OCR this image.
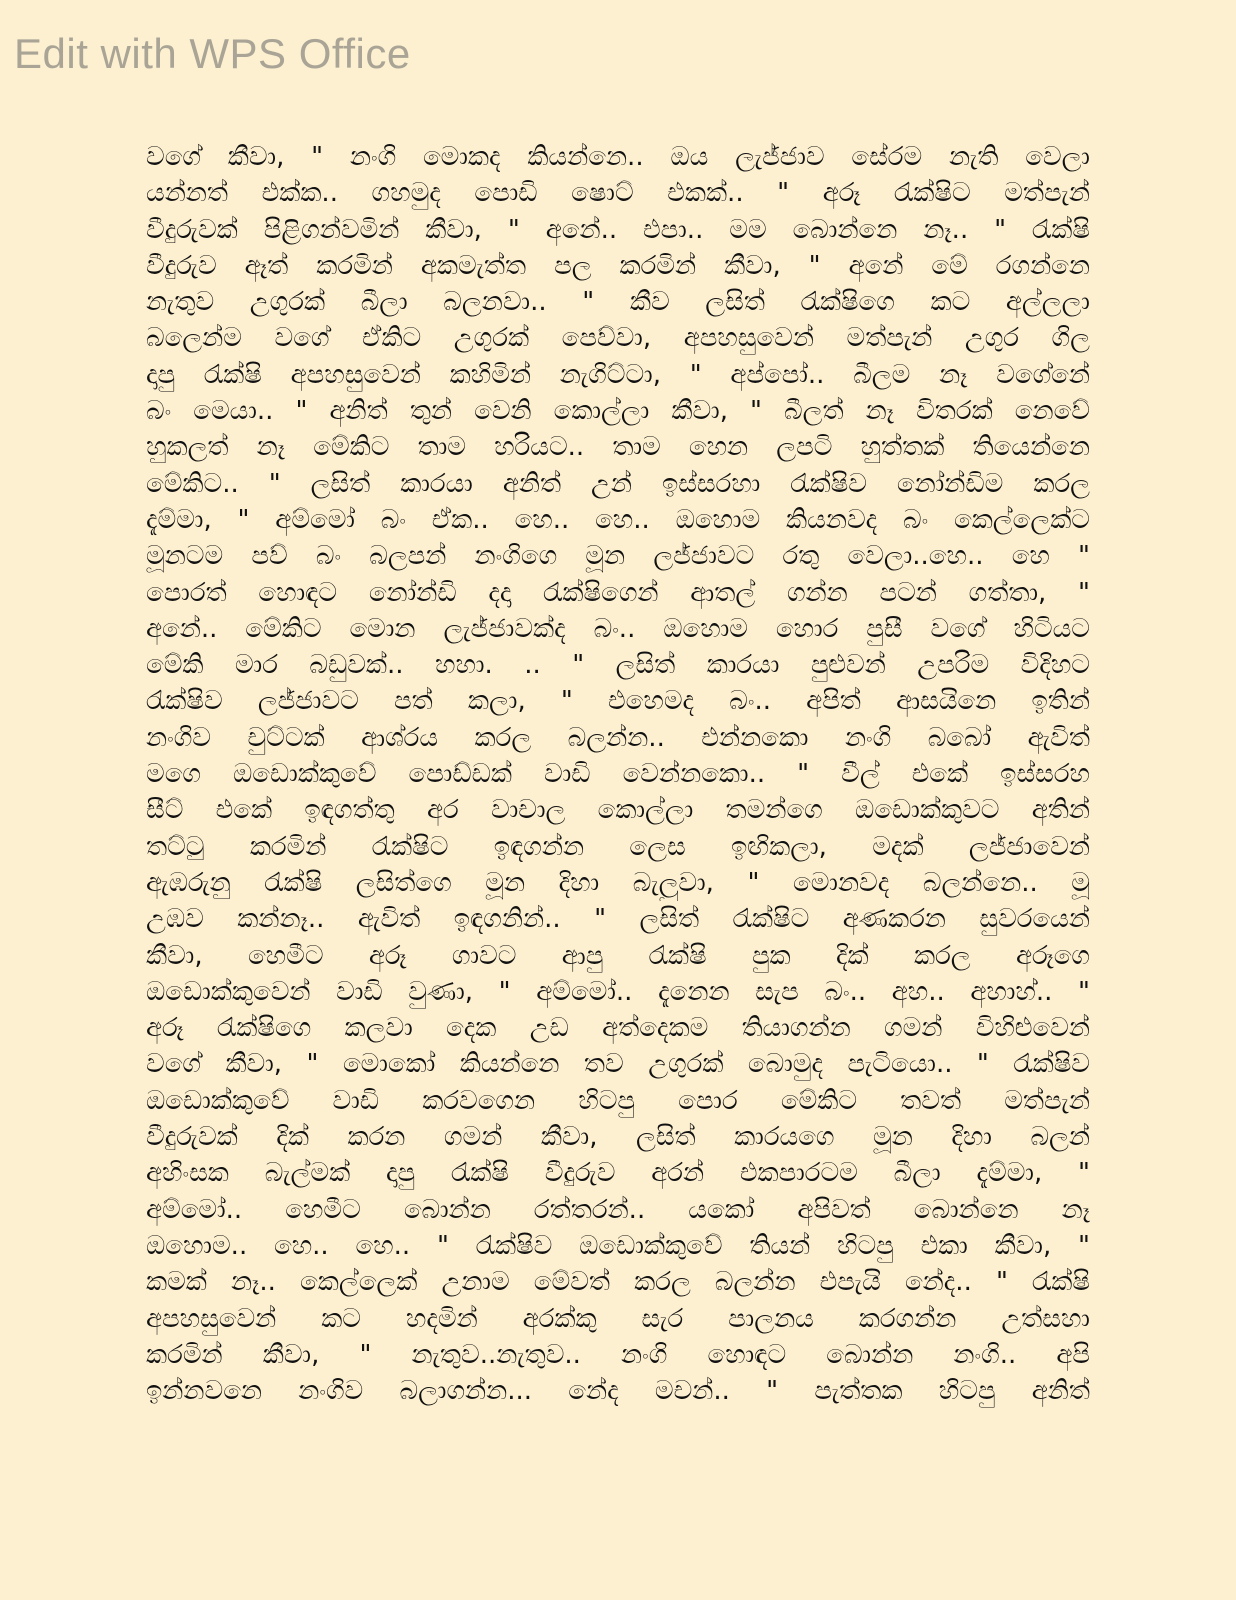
Edit with WPS Office
වගේ කීවා, " නංගි මොකද කියන්නෙ.. ඔය ලැජ්ජාව සේරම නැති වෙලා
යන්නත් එක්ක.. ගහමුද පොඩි ෂොට් එකක්.. " අරූ රැක්ෂිට මත්පැන්
වීදුරුවක් පිළිගන්වමින් කීවා, " අනේ.. එපා.. මම බොන්නෙ නෑ.. " රැක්ෂි
වීදුරුව ඈත් කරමින් අකමැත්ත පල කරමින් කීවා, " අනේ මේ රගන්නෙ
නැතුව උගුරක් බීලා බලනවා.. " කීව ලසිත් රැක්ෂිගෙ කට අල්ලලා
බලෙන්ම වගේ ඒකිට උගුරක් පෙව්වා, අපහසුවෙන් මත්පැන් උගුර ගිල
දාපු රැක්ෂි අපහසුවෙන් කහිමින් නැගිට්ටා, " අප්පෝ.. බීලම නෑ වගේනේ
බං මෙයා.. " අනිත් තුන් වෙනි කොල්ලා කීවා, " බීලත් නෑ විතරක් නෙවේ
හුකලත් නෑ මේකිට තාම හරියට.. තාම හෙන ලපටි හුත්තක් තියෙන්නෙ
මේකිට.. " ලසිත් කාරයා අනිත් උන් ඉස්සරහා රැක්ෂිව නෝන්ඩිම කරල
දැම්මා, " අම්මෝ බං ඒක.. හෙ.. හෙ.. ඔහොම කියනවද බං කෙල්ලෙක්ට
මූනටම පව් බං බලපන් නංගිගෙ මූන ලජ්ජාවට රතු වෙලා..හෙ.. හෙ "
පොරත් හොඳට නෝන්ඩි දදා රැක්ෂිගෙන් ආතල් ගන්න පටන් ගත්තා, "
අනේ.. මේකිට මොන ලැජ්ජාවක්ද බං.. ඔහොම හොර පුසී වගේ හිටියට
මේකි මාර බඩුවක්.. හහා. .. " ලසිත් කාරයා පුළුවන් උපරිම විදිහට
රැක්ෂිව ලජ්ජාවට පත් කලා, " එහෙමද බං.. අපිත් ආසයිනෙ ඉතින්
නංගිව චුට්ටක් ආශ්රය කරල බලන්න.. එන්නකො නංගි බබෝ ඇවිත්
මගෙ ඔඩොක්කුවේ පොඩ්ඩක් වාඩි වෙන්නකො.. " වීල් එකේ ඉස්සරහ
සීට් එකේ ඉඳගත්තු අර වාචාල කොල්ලා තමන්ගෙ ඔඩොක්කුවට අතින්
තට්ටු කරමින් රැක්ෂිට ඉඳගන්න ලෙස ඉඟිකලා, මදක් ලජ්ජාවෙන්
ඇඹරුනු රැක්ෂි ලසිත්ගෙ මූන දිහා බැලුවා, " මොනවද බලන්නෙ.. මූ
උඹව කන්නෑ.. ඇවිත් ඉඳගනින්.. " ලසිත් රැක්ෂිට අණකරන සුවරයෙන්
කීවා, හෙමීට අරූ ගාවට ආපු රැක්ෂි පුක දික් කරල අරූගෙ
ඔඩොක්කුවෙන් වාඩි වුණා, " අම්මෝ.. දැනෙන සැප බං.. අහ.. අහාහ්.. "
අරූ රැක්ෂිගෙ කලවා දෙක උඩ අත්දෙකම තියාගන්න ගමන් විහිළුවෙන්
වගේ කීවා, " මොකෝ කියන්නෙ තව උගුරක් බොමුද පැටියො.. " රැක්ෂිව
ඔඩොක්කුවේ වාඩි කරවගෙන හිටපු පොර මේකිට තවත් මත්පැන්
වීදුරුවක් දික් කරන ගමන් කීවා, ලසිත් කාරයගෙ මූන දිහා බලන්
අහිංසක බැල්මක් දාපු රැක්ෂි වීදුරුව අරන් එකපාරටම බීලා දැම්මා, "
අම්මෝ.. හෙමීට බොන්න රත්තරන්.. යකෝ අපිවත් බොන්නෙ නෑ
ඔහොම.. හෙ.. හෙ.. " රැක්ෂිව ඔඩොක්කුවේ තියන් හිටපු එකා කීවා, "
කමක් නෑ.. කෙල්ලෙක් උනාම මේවත් කරල බලන්න එපැයි නේද.. " රැක්ෂි
අපහසුවෙන් කට හදමින් අරක්කු සැර පාලනය කරගන්න උත්සහා
කරමින් කීවා, " නැතුව..නැතුව.. නංගි හොඳට බොන්න නංගි.. අපි
ඉන්නවනෙ නංගිව බලාගන්න... නේද මචන්.. " පැත්තක හිටපු අනිත්
